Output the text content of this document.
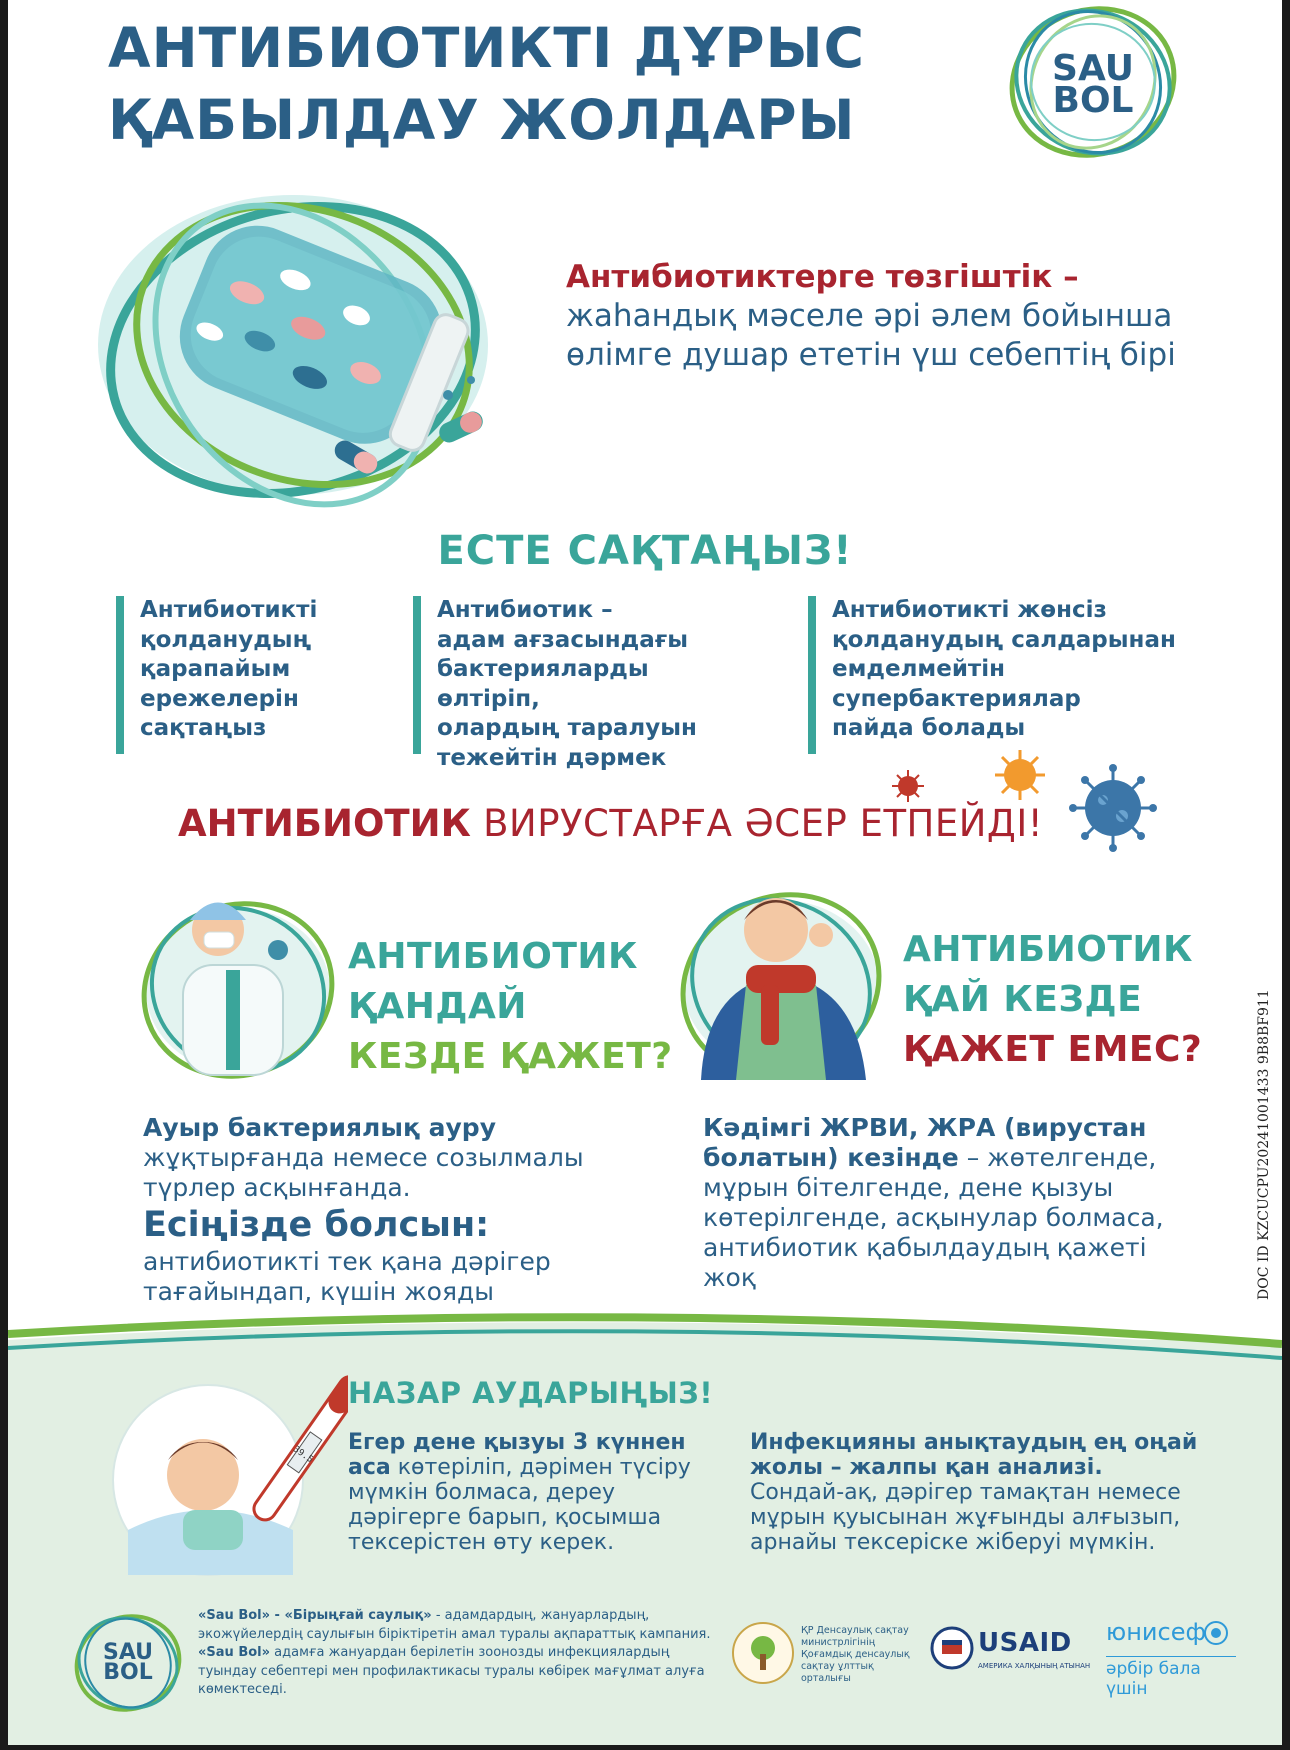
АНТИБИОТИКТІ ДҰРЫС
ҚАБЫЛДАУ ЖОЛДАРЫ
SAU
BOL
Антибиотиктерге төзгіштік –
жаһандық мәселе әрі әлем бойынша өлімге душар ететін үш себептің бірі
ЕСТЕ САҚТАҢЫЗ!
Антибиотикті
қолданудың
қарапайым
ережелерін
сақтаңыз
Антибиотик –
адам ағзасындағы
бактерияларды өлтіріп,
олардың таралуын
тежейтін дәрмек
Антибиотикті жөнсіз
қолданудың салдарынан
емделмейтін
супербактериялар
пайда болады
АНТИБИОТИК ВИРУСТАРҒА ӘСЕР ЕТПЕЙДІ!
АНТИБИОТИК
ҚАНДАЙ
КЕЗДЕ ҚАЖЕТ?
Ауыр бактериялық ауру жұқтырғанда немесе созылмалы түрлер асқынғанда.
Есіңізде болсын:
антибиотикті тек қана дәрігер тағайындап, күшін жояды
АНТИБИОТИК
ҚАЙ КЕЗДЕ
ҚАЖЕТ ЕМЕС?
Кәдімгі ЖРВИ, ЖРА (вирустан болатын) кезінде – жөтелгенде, мұрын бітелгенде, дене қызуы көтерілгенде, асқынулар болмаса, антибиотик қабылдаудың қажеті жоқ
НАЗАР АУДАРЫҢЫЗ!
39.5 Егер дене қызуы 3 күннен аса көтеріліп, дәрімен түсіру мүмкін болмаса, дереу дәрігерге барып, қосымша тексерістен өту керек.
Инфекцияны анықтаудың ең оңай жолы – жалпы қан анализі. Сондай-ақ, дәрігер тамақтан немесе мұрын қуысынан жұғынды алғызып, арнайы тексеріске жіберуі мүмкін.
SAU
BOL
«Sau Bol» - «Бірыңғай саулық» - адамдардың, жануарлардың, экожүйелердің саулығын біріктіретін амал туралы ақпараттық кампания.
«Sau Bol» адамға жануардан берілетін зоонозды инфекциялардың туындау себептері мен профилактикасы туралы көбірек мағұлмат алуға көмектеседі.
ҚР Денсаулық сақтау министрлігінің Қоғамдық денсаулық сақтау ұлттық орталығы
USAID
АМЕРИКА ХАЛҚЫНЫҢ АТЫНАН
юнисеф
әрбір бала үшін
DOC ID KZCUCPU20241001433 9B8BF911
